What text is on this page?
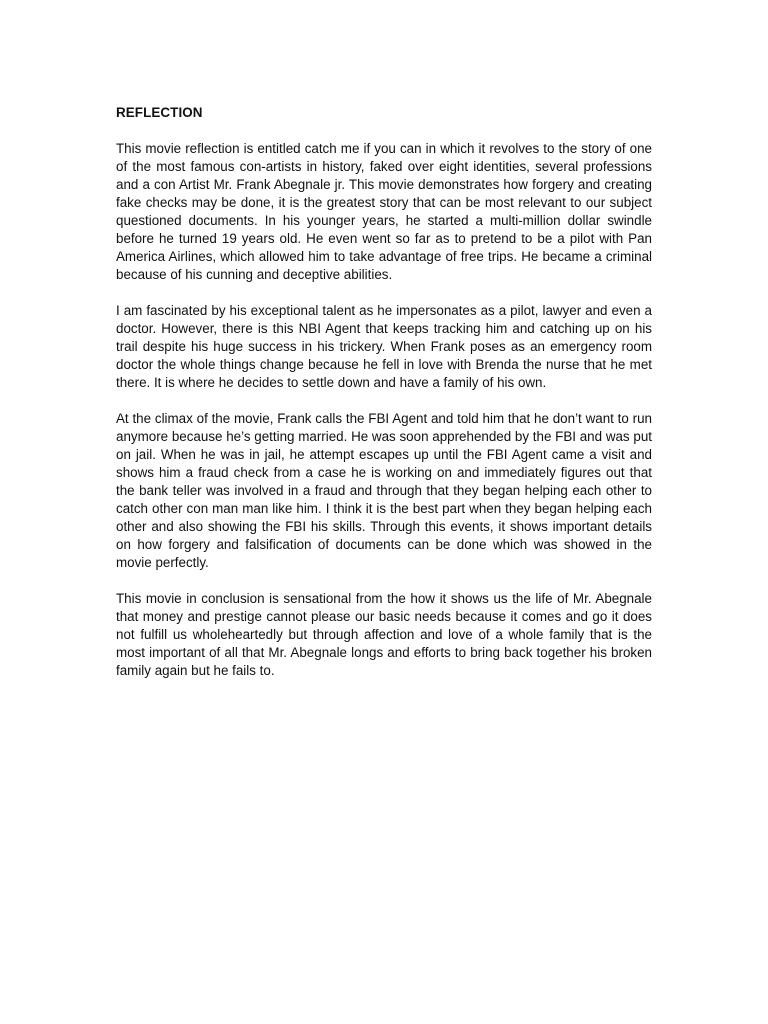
REFLECTION

This movie reflection is entitled catch me if you can in which it revolves to the story of one of the most famous con-artists in history, faked over eight identities, several professions and a con Artist Mr. Frank Abegnale jr. This movie demonstrates how forgery and creating fake checks may be done, it is the greatest story that can be most relevant to our subject questioned documents. In his younger years, he started a multi-million dollar swindle before he turned 19 years old. He even went so far as to pretend to be a pilot with Pan America Airlines, which allowed him to take advantage of free trips. He became a criminal because of his cunning and deceptive abilities.

I am fascinated by his exceptional talent as he impersonates as a pilot, lawyer and even a doctor. However, there is this NBI Agent that keeps tracking him and catching up on his trail despite his huge success in his trickery. When Frank poses as an emergency room doctor the whole things change because he fell in love with Brenda the nurse that he met there. It is where he decides to settle down and have a family of his own.

At the climax of the movie, Frank calls the FBI Agent and told him that he don’t want to run anymore because he’s getting married. He was soon apprehended by the FBI and was put on jail. When he was in jail, he attempt escapes up until the FBI Agent came a visit and shows him a fraud check from a case he is working on and immediately figures out that the bank teller was involved in a fraud and through that they began helping each other to catch other con man man like him. I think it is the best part when they began helping each other and also showing the FBI his skills. Through this events, it shows important details on how forgery and falsification of documents can be done which was showed in the movie perfectly.

This movie in conclusion is sensational from the how it shows us the life of Mr. Abegnale that money and prestige cannot please our basic needs because it comes and go it does not fulfill us wholeheartedly but through affection and love of a whole family that is the most important of all that Mr. Abegnale longs and efforts to bring back together his broken family again but he fails to.
